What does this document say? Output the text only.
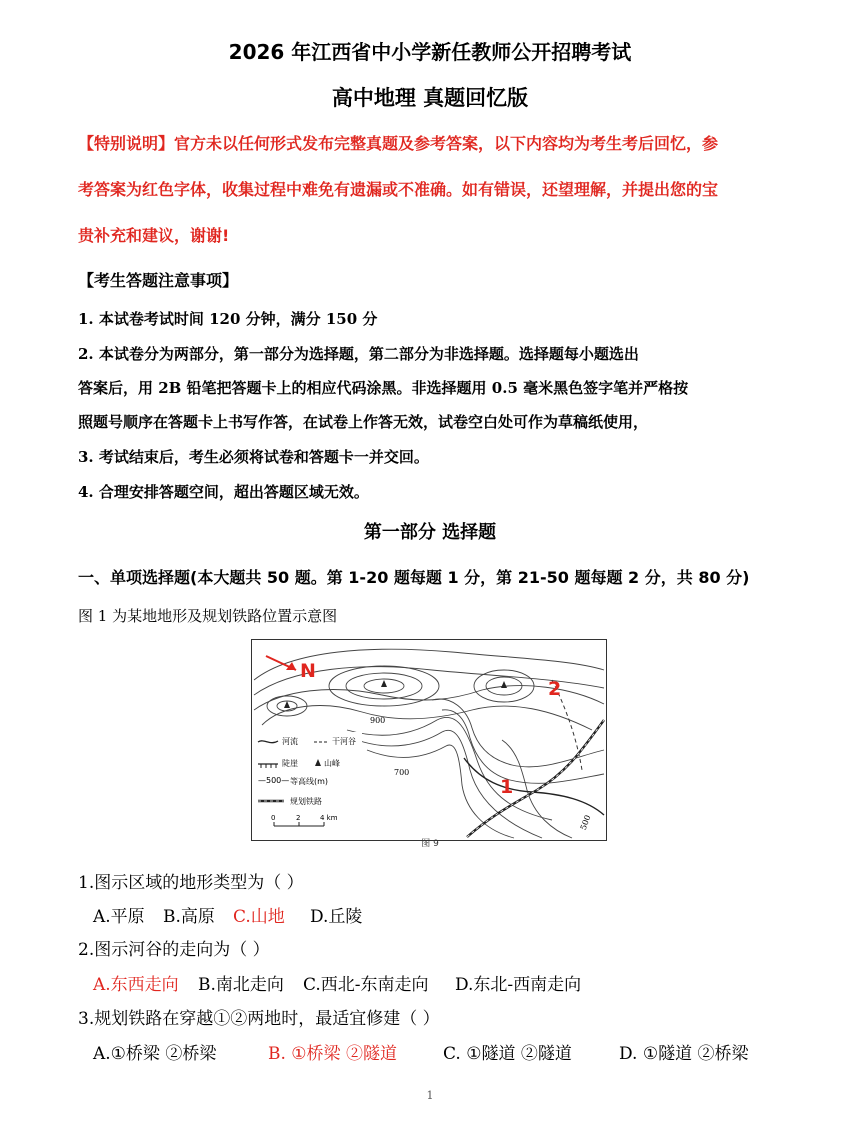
2026 年江西省中小学新任教师公开招聘考试
高中地理 真题回忆版
【特别说明】官方未以任何形式发布完整真题及参考答案，以下内容均为考生考后回忆，参
考答案为红色字体，收集过程中难免有遗漏或不准确。如有错误，还望理解，并提出您的宝
贵补充和建议，谢谢!
【考生答题注意事项】
1. 本试卷考试时间 120 分钟，满分 150 分
2. 本试卷分为两部分，第一部分为选择题，第二部分为非选择题。选择题每小题选出
答案后，用 2B 铅笔把答题卡上的相应代码涂黑。非选择题用 0.5 毫米黑色签字笔并严格按
照题号顺序在答题卡上书写作答，在试卷上作答无效，试卷空白处可作为草稿纸使用，
3. 考试结束后，考生必须将试卷和答题卡一并交回。
4. 合理安排答题空间，超出答题区域无效。
第一部分 选择题
一、单项选择题(本大题共 50 题。第 1-20 题每题 1 分，第 21-50 题每题 2 分，共 80 分)
图 1 为某地地形及规划铁路位置示意图
N
2
1
900
700
500
河流	干河谷
陡崖	山峰
—500— 等高线(m)
规划铁路
0	2	4 km
图 9
1.图示区域的地形类型为（ ）
A.平原 B.高原 C.山地 D.丘陵
2.图示河谷的走向为（ ）
A.东西走向 B.南北走向 C.西北-东南走向 D.东北-西南走向
3.规划铁路在穿越①②两地时，最适宜修建（ ）
A.①桥梁 ②桥梁	B. ①桥梁 ②隧道	C. ①隧道 ②隧道	D. ①隧道 ②桥梁
1
